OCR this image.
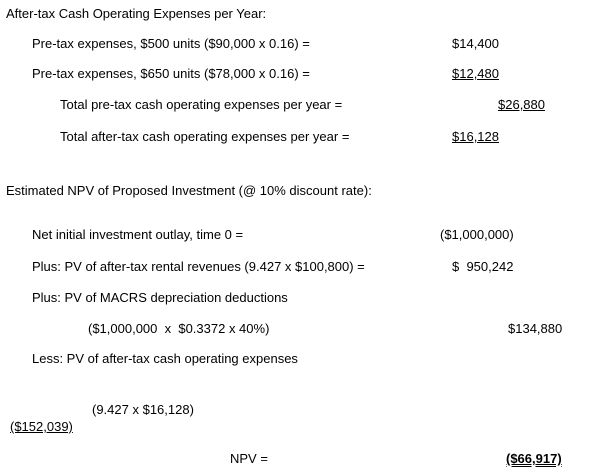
After-tax Cash Operating Expenses per Year:
Pre-tax expenses, $500 units ($90,000 x 0.16) =	$14,400
Pre-tax expenses, $650 units ($78,000 x 0.16) =	$12,480
Total pre-tax cash operating expenses per year =	$26,880
Total after-tax cash operating expenses per year =	$16,128
Estimated NPV of Proposed Investment (@ 10% discount rate):
Net initial investment outlay, time 0 =	($1,000,000)
Plus: PV of after-tax rental revenues (9.427 x $100,800) =	$  950,242
Plus: PV of MACRS depreciation deductions
($1,000,000  x  $0.3372 x 40%)	$134,880
Less: PV of after-tax cash operating expenses
(9.427 x $16,128)
($152,039)
NPV =	($66,917)
